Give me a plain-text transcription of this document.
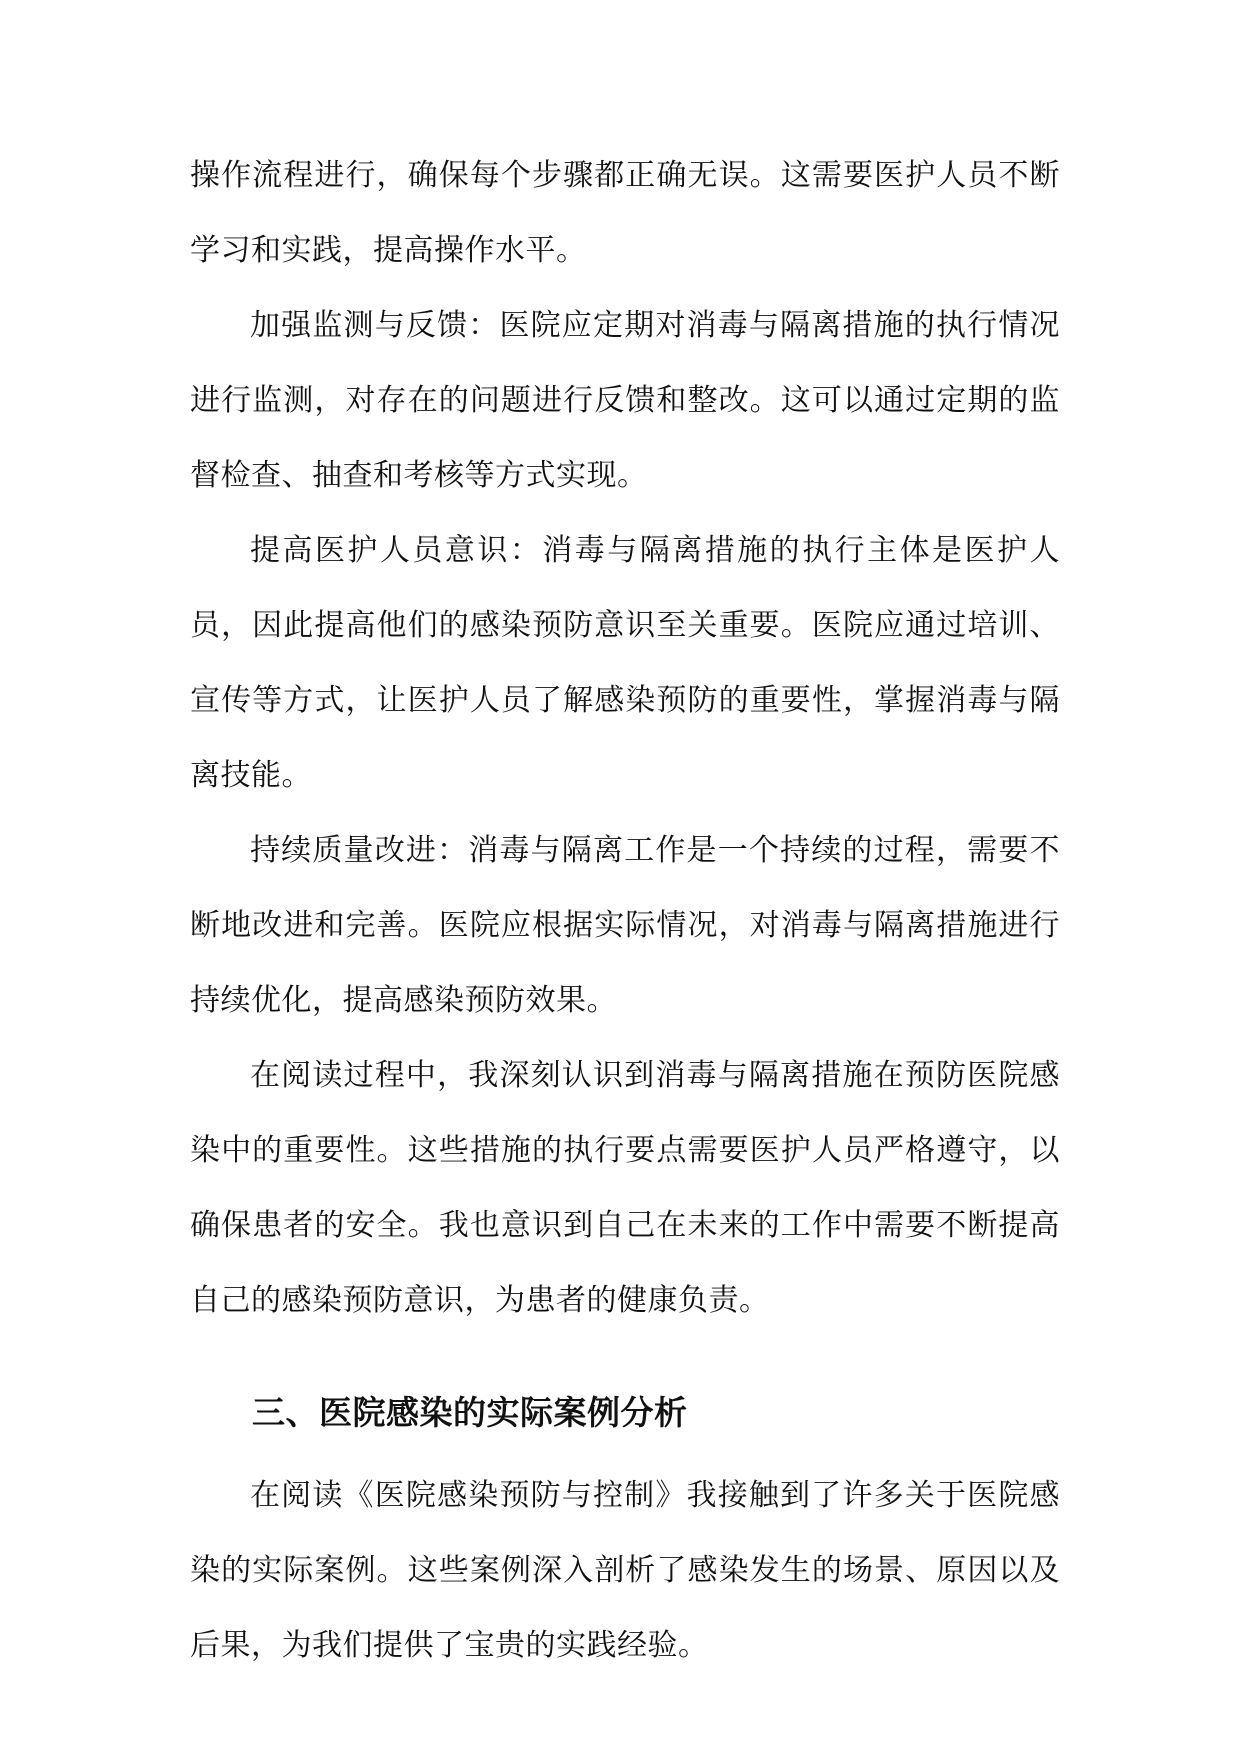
操作流程进行，确保每个步骤都正确无误。这需要医护人员不断学习和实践，提高操作水平。

加强监测与反馈：医院应定期对消毒与隔离措施的执行情况进行监测，对存在的问题进行反馈和整改。这可以通过定期的监督检查、抽查和考核等方式实现。

提高医护人员意识：消毒与隔离措施的执行主体是医护人员，因此提高他们的感染预防意识至关重要。医院应通过培训、宣传等方式，让医护人员了解感染预防的重要性，掌握消毒与隔离技能。

持续质量改进：消毒与隔离工作是一个持续的过程，需要不断地改进和完善。医院应根据实际情况，对消毒与隔离措施进行持续优化，提高感染预防效果。

在阅读过程中，我深刻认识到消毒与隔离措施在预防医院感染中的重要性。这些措施的执行要点需要医护人员严格遵守，以确保患者的安全。我也意识到自己在未来的工作中需要不断提高自己的感染预防意识，为患者的健康负责。

三、医院感染的实际案例分析

在阅读《医院感染预防与控制》我接触到了许多关于医院感染的实际案例。这些案例深入剖析了感染发生的场景、原因以及后果，为我们提供了宝贵的实践经验。
